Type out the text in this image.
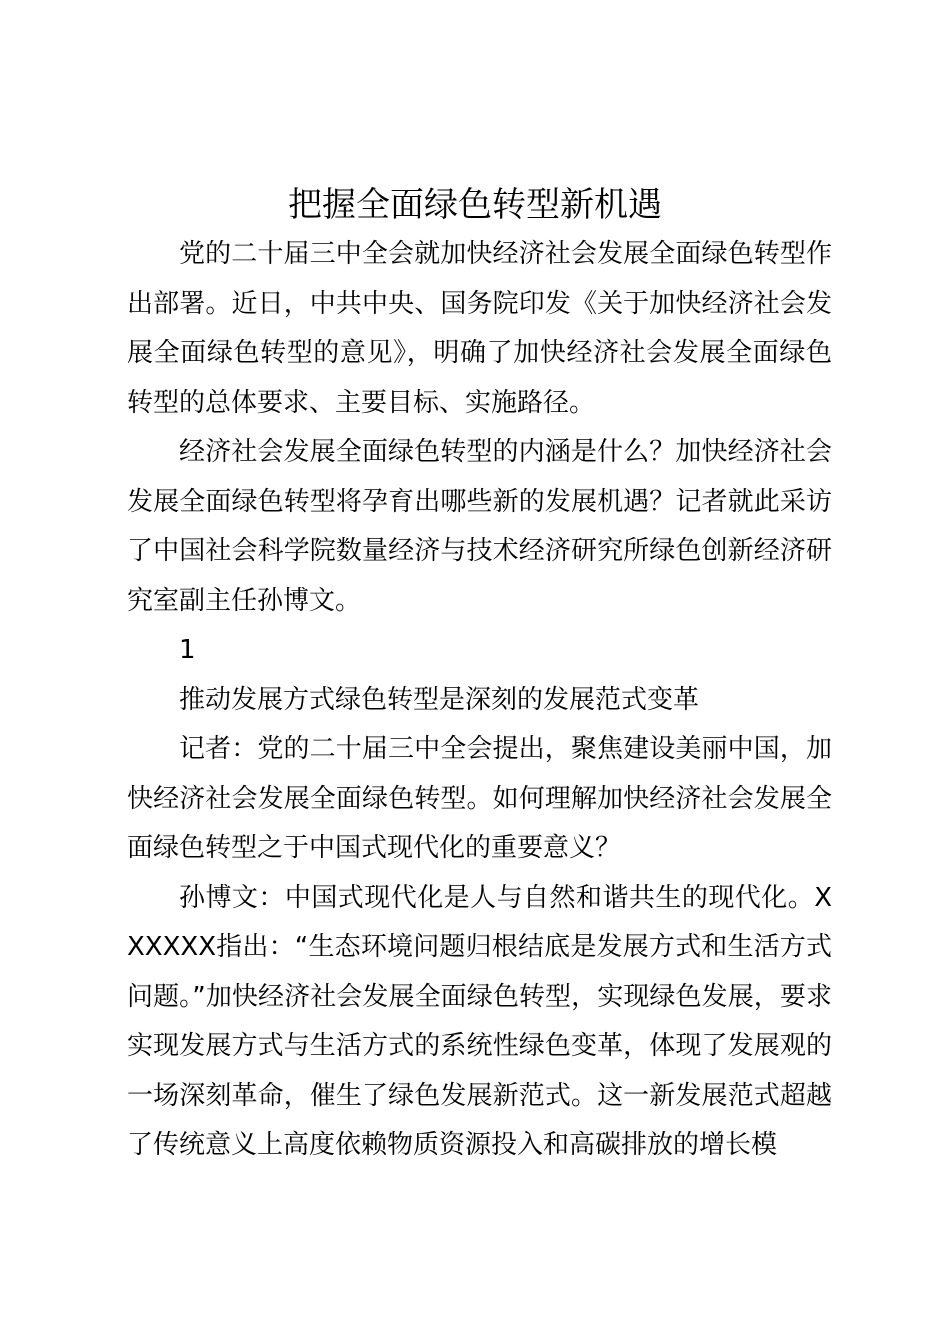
把握全面绿色转型新机遇

党的二十届三中全会就加快经济社会发展全面绿色转型作出部署。近日，中共中央、国务院印发《关于加快经济社会发展全面绿色转型的意见》，明确了加快经济社会发展全面绿色转型的总体要求、主要目标、实施路径。

经济社会发展全面绿色转型的内涵是什么？加快经济社会发展全面绿色转型将孕育出哪些新的发展机遇？记者就此采访了中国社会科学院数量经济与技术经济研究所绿色创新经济研究室副主任孙博文。

1

推动发展方式绿色转型是深刻的发展范式变革

记者：党的二十届三中全会提出，聚焦建设美丽中国，加快经济社会发展全面绿色转型。如何理解加快经济社会发展全面绿色转型之于中国式现代化的重要意义？

孙博文：中国式现代化是人与自然和谐共生的现代化。XXXXXX指出：“生态环境问题归根结底是发展方式和生活方式问题。”加快经济社会发展全面绿色转型，实现绿色发展，要求实现发展方式与生活方式的系统性绿色变革，体现了发展观的一场深刻革命，催生了绿色发展新范式。这一新发展范式超越了传统意义上高度依赖物质资源投入和高碳排放的增长模
